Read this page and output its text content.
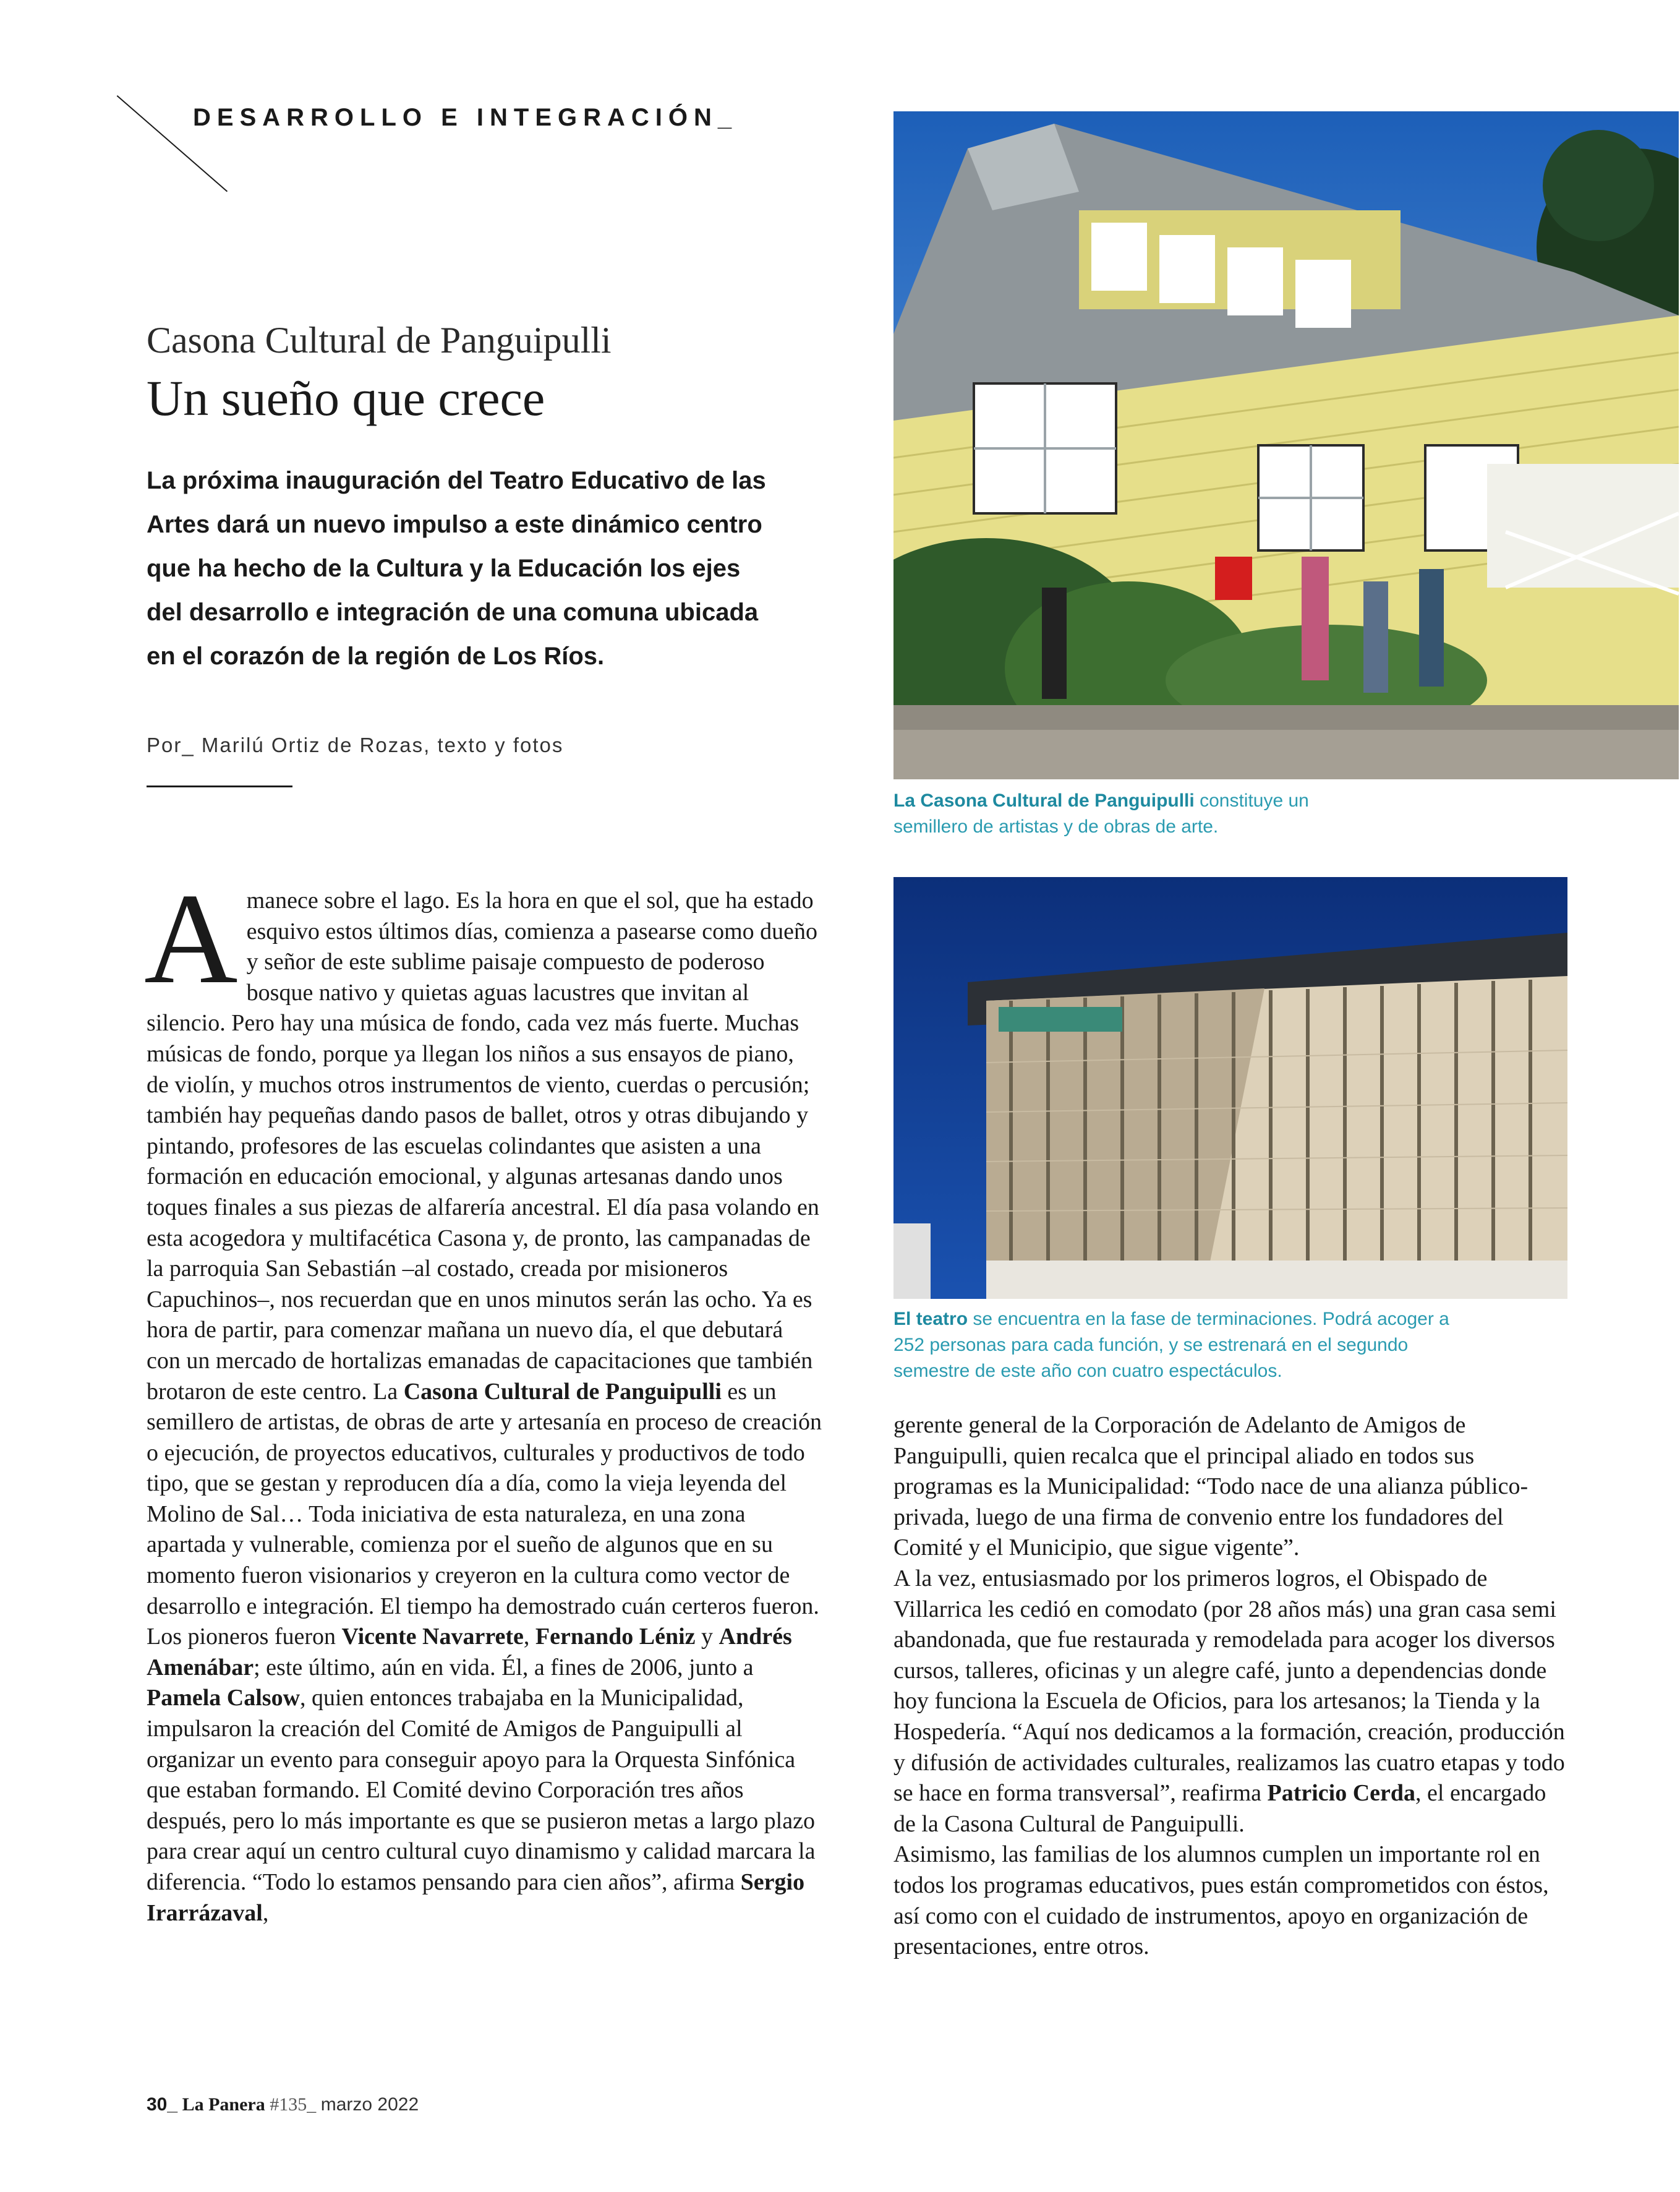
DESARROLLO E INTEGRACIÓN_
Casona Cultural de Panguipulli
Un sueño que crece
La próxima inauguración del Teatro Educativo de las Artes dará un nuevo impulso a este dinámico centro que ha hecho de la Cultura y la Educación los ejes del desarrollo e integración de una comuna ubicada en el corazón de la región de Los Ríos.
Por_ Marilú Ortiz de Rozas, texto y fotos
La Casona Cultural de Panguipulli constituye un semillero de artistas y de obras de arte.
El teatro se encuentra en la fase de terminaciones. Podrá acoger a 252 personas para cada función, y se estrenará en el segundo semestre de este año con cuatro espectáculos.

Amanece sobre el lago. Es la hora en que el sol, que ha estado esquivo estos últimos días, comienza a pasearse como dueño y señor de este sublime paisaje compuesto de poderoso bosque nativo y quietas aguas lacustres que invitan al silencio. Pero hay una música de fondo, cada vez más fuerte. Muchas músicas de fondo, porque ya llegan los niños a sus ensayos de piano, de violín, y muchos otros instrumentos de viento, cuerdas o percusión; también hay pequeñas dando pasos de ballet, otros y otras dibujando y pintando, profesores de las escuelas colindantes que asisten a una formación en educación emocional, y algunas artesanas dando unos toques finales a sus piezas de alfarería ancestral. El día pasa volando en esta acogedora y multifacética Casona y, de pronto, las campanadas de la parroquia San Sebastián –al costado, creada por misioneros Capuchinos–, nos recuerdan que en unos minutos serán las ocho. Ya es hora de partir, para comenzar mañana un nuevo día, el que debutará con un mercado de hortalizas emanadas de capacitaciones que también brotaron de este centro. La Casona Cultural de Panguipulli es un semillero de artistas, de obras de arte y artesanía en proceso de creación o ejecución, de proyectos educativos, culturales y productivos de todo tipo, que se gestan y reproducen día a día, como la vieja leyenda del Molino de Sal… Toda iniciativa de esta naturaleza, en una zona apartada y vulnerable, comienza por el sueño de algunos que en su momento fueron visionarios y creyeron en la cultura como vector de desarrollo e integración. El tiempo ha demostrado cuán certeros fueron. Los pioneros fueron Vicente Navarrete, Fernando Léniz y Andrés Amenábar; este último, aún en vida. Él, a fines de 2006, junto a Pamela Calsow, quien entonces trabajaba en la Municipalidad, impulsaron la creación del Comité de Amigos de Panguipulli al organizar un evento para conseguir apoyo para la Orquesta Sinfónica que estaban formando. El Comité devino Corporación tres años después, pero lo más importante es que se pusieron metas a largo plazo para crear aquí un centro cultural cuyo dinamismo y calidad marcara la diferencia. “Todo lo estamos pensando para cien años”, afirma Sergio Irarrázaval,

gerente general de la Corporación de Adelanto de Amigos de Panguipulli, quien recalca que el principal aliado en todos sus programas es la Municipalidad: “Todo nace de una alianza público-privada, luego de una firma de convenio entre los fundadores del Comité y el Municipio, que sigue vigente”.

A la vez, entusiasmado por los primeros logros, el Obispado de Villarrica les cedió en comodato (por 28 años más) una gran casa semi abandonada, que fue restaurada y remodelada para acoger los diversos cursos, talleres, oficinas y un alegre café, junto a dependencias donde hoy funciona la Escuela de Oficios, para los artesanos; la Tienda y la Hospedería. “Aquí nos dedicamos a la formación, creación, producción y difusión de actividades culturales, realizamos las cuatro etapas y todo se hace en forma transversal”, reafirma Patricio Cerda, el encargado de la Casona Cultural de Panguipulli.

Asimismo, las familias de los alumnos cumplen un importante rol en todos los programas educativos, pues están comprometidos con éstos, así como con el cuidado de instrumentos, apoyo en organización de presentaciones, entre otros.

30_ La Panera #135_ marzo 2022
